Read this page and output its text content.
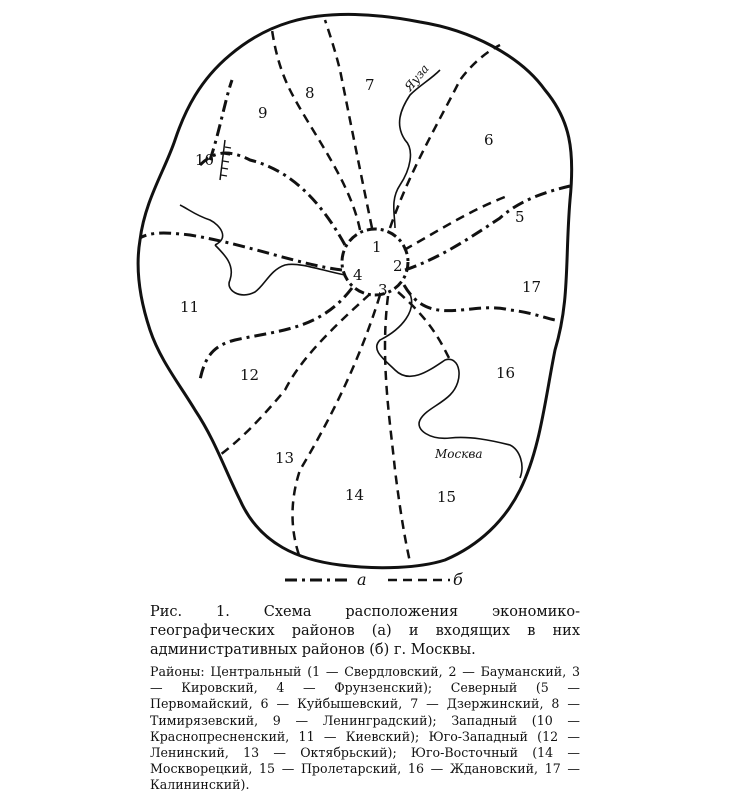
1
2
3
4
5
6
7
8
9
10
11
12
13
14	15
16
17
Яуза
Москва
а	б

Рис. 1. Схема расположения экономико-географических районов (а) и входящих в них административных районов (б) г. Москвы.

Районы: Центральный (1 — Свердловский, 2 — Бауманский, 3 — Кировский, 4 — Фрунзенский); Северный (5 — Первомайский, 6 — Куйбышевский, 7 — Дзержинский, 8 — Тимирязевский, 9 — Ленинградский); Западный (10 — Краснопресненский, 11 — Киевский); Юго-Западный (12 — Ленинский, 13 — Октябрьский); Юго-Восточный (14 — Москворецкий, 15 — Пролетарский, 16 — Ждановский, 17 — Калининский).
